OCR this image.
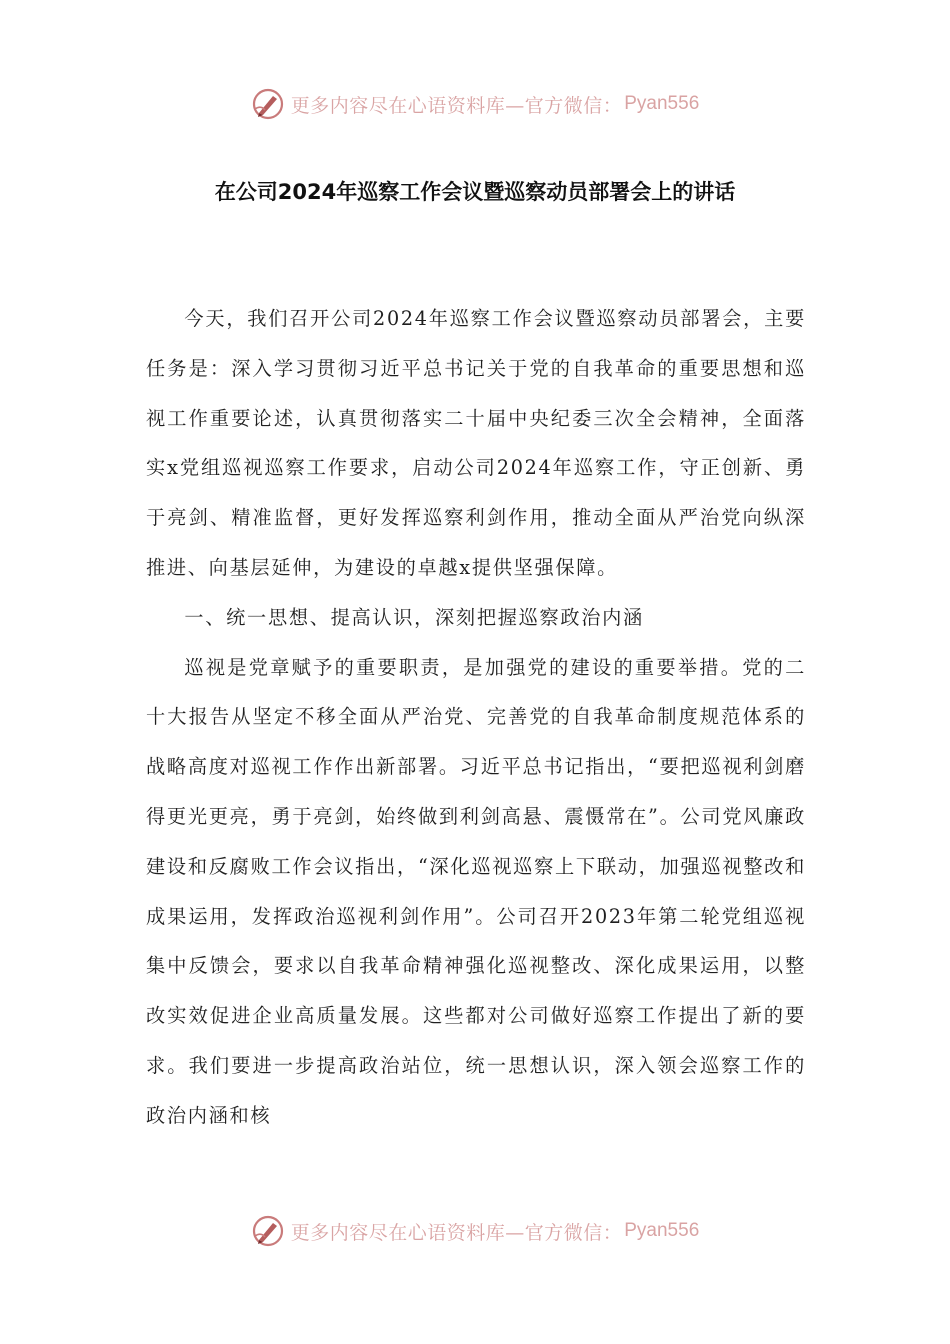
更多内容尽在心语资料库—官方微信： Pyan556
在公司2024年巡察工作会议暨巡察动员部署会上的讲话

今天，我们召开公司2024年巡察工作会议暨巡察动员部署会，主要任务是：深入学习贯彻习近平总书记关于党的自我革命的重要思想和巡视工作重要论述，认真贯彻落实二十届中央纪委三次全会精神，全面落实x党组巡视巡察工作要求，启动公司2024年巡察工作，守正创新、勇于亮剑、精准监督，更好发挥巡察利剑作用，推动全面从严治党向纵深推进、向基层延伸，为建设的卓越x提供坚强保障。

一、统一思想、提高认识，深刻把握巡察政治内涵

巡视是党章赋予的重要职责，是加强党的建设的重要举措。党的二十大报告从坚定不移全面从严治党、完善党的自我革命制度规范体系的战略高度对巡视工作作出新部署。习近平总书记指出，“要把巡视利剑磨得更光更亮，勇于亮剑，始终做到利剑高悬、震慑常在”。公司党风廉政建设和反腐败工作会议指出，“深化巡视巡察上下联动，加强巡视整改和成果运用，发挥政治巡视利剑作用”。公司召开2023年第二轮党组巡视集中反馈会，要求以自我革命精神强化巡视整改、深化成果运用，以整改实效促进企业高质量发展。这些都对公司做好巡察工作提出了新的要求。我们要进一步提高政治站位，统一思想认识，深入领会巡察工作的政治内涵和核

更多内容尽在心语资料库—官方微信： Pyan556
